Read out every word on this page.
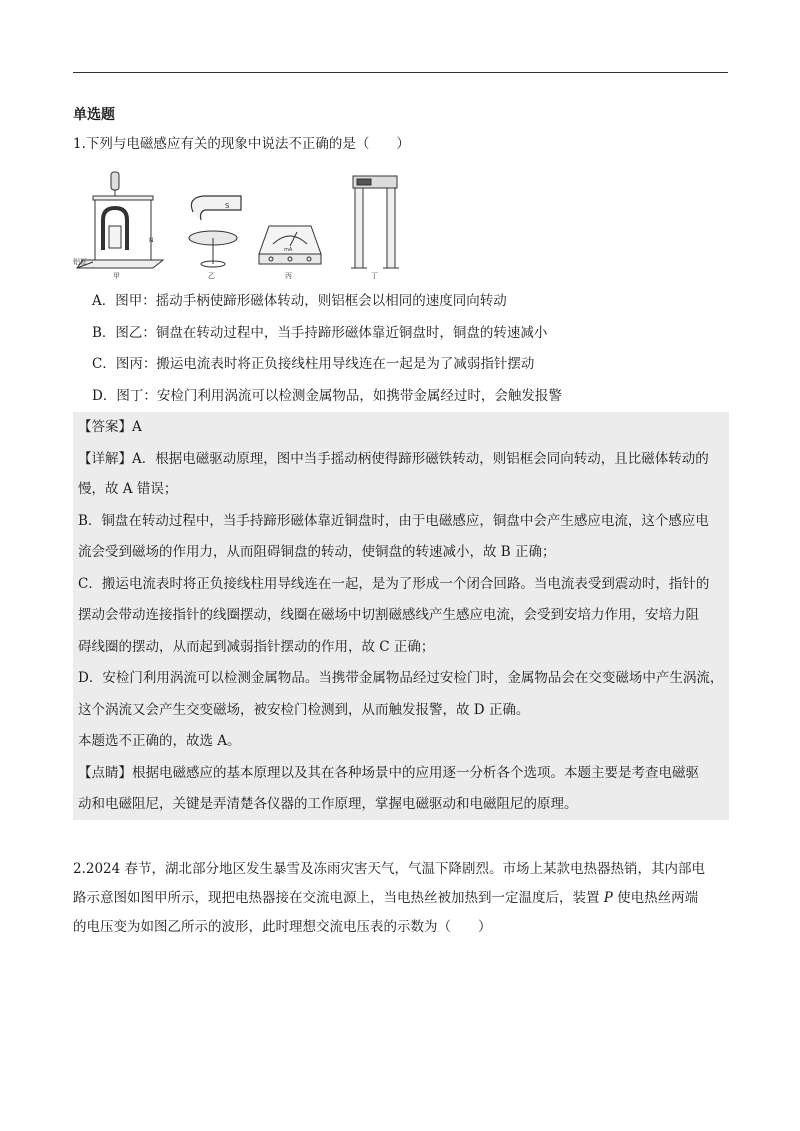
单选题
1.下列与电磁感应有关的现象中说法不正确的是（　　）
铝框
N
甲
S
乙
mA
丙	丁
A．图甲：摇动手柄使蹄形磁体转动，则铝框会以相同的速度同向转动
B．图乙：铜盘在转动过程中，当手持蹄形磁体靠近铜盘时，铜盘的转速减小
C．图丙：搬运电流表时将正负接线柱用导线连在一起是为了减弱指针摆动
D．图丁：安检门利用涡流可以检测金属物品，如携带金属经过时，会触发报警
【答案】A
【详解】A．根据电磁驱动原理，图中当手摇动柄使得蹄形磁铁转动，则铝框会同向转动，且比磁体转动的
慢，故 A 错误；
B．铜盘在转动过程中，当手持蹄形磁体靠近铜盘时，由于电磁感应，铜盘中会产生感应电流，这个感应电
流会受到磁场的作用力，从而阻碍铜盘的转动，使铜盘的转速减小，故 B 正确；
C．搬运电流表时将正负接线柱用导线连在一起，是为了形成一个闭合回路。当电流表受到震动时，指针的
摆动会带动连接指针的线圈摆动，线圈在磁场中切割磁感线产生感应电流，会受到安培力作用，安培力阻
碍线圈的摆动，从而起到减弱指针摆动的作用，故 C 正确；
D．安检门利用涡流可以检测金属物品。当携带金属物品经过安检门时，金属物品会在交变磁场中产生涡流，
这个涡流又会产生交变磁场，被安检门检测到，从而触发报警，故 D 正确。
本题选不正确的，故选 A。
【点睛】根据电磁感应的基本原理以及其在各种场景中的应用逐一分析各个选项。本题主要是考查电磁驱
动和电磁阻尼，关键是弄清楚各仪器的工作原理，掌握电磁驱动和电磁阻尼的原理。
2.2024 春节，湖北部分地区发生暴雪及冻雨灾害天气，气温下降剧烈。市场上某款电热器热销，其内部电
路示意图如图甲所示，现把电热器接在交流电源上，当电热丝被加热到一定温度后，装置 P 使电热丝两端
的电压变为如图乙所示的波形，此时理想交流电压表的示数为（　　）
